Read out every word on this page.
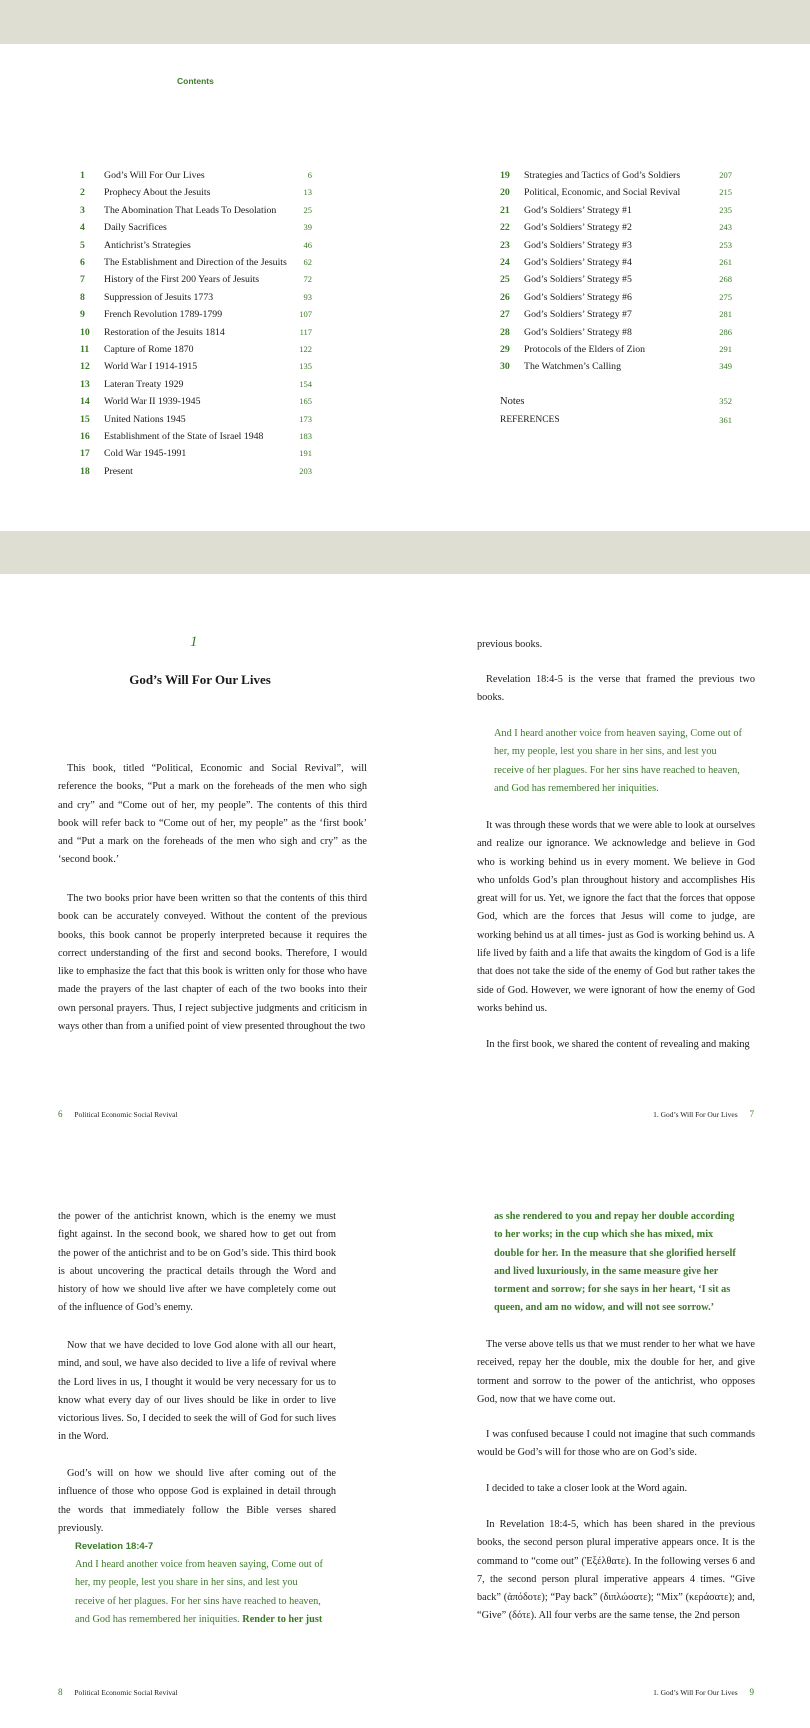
Contents
1	God’s Will For Our Lives	6
2	Prophecy About the Jesuits	13
3	The Abomination That Leads To Desolation	25
4	Daily Sacrifices	39
5	Antichrist’s Strategies	46
6	The Establishment and Direction of the Jesuits 62
7	History of the First 200 Years of Jesuits	72
8	Suppression of Jesuits 1773	93
9	French Revolution 1789-1799	107
10	Restoration of the Jesuits 1814	117
11	Capture of Rome 1870	122
12	World War I 1914-1915	135
13	Lateran Treaty 1929	154
14	World War II 1939-1945	165
15	United Nations 1945	173
16	Establishment of the State of Israel 1948	183
17	Cold War 1945-1991	191
18	Present	203
19	Strategies and Tactics of God’s Soldiers	207
20	Political, Economic, and Social Revival	215
21	God’s Soldiers’ Strategy #1	235
22	God’s Soldiers’ Strategy #2	243
23	God’s Soldiers’ Strategy #3	253
24	God’s Soldiers’ Strategy #4	261
25	God’s Soldiers’ Strategy #5	268
26	God’s Soldiers’ Strategy #6	275
27	God’s Soldiers’ Strategy #7	281
28	God’s Soldiers’ Strategy #8	286
29	Protocols of the Elders of Zion	291
30	The Watchmen’s Calling	349
Notes	352
REFERENCES	361
1
God’s Will For Our Lives
This book, titled “Political, Economic and Social Revival”, will reference the books, “Put a mark on the foreheads of the men who sigh and cry” and “Come out of her, my people”. The contents of this third book will refer back to “Come out of her, my people” as the ‘first book’ and “Put a mark on the foreheads of the men who sigh and cry” as the ‘second book.’
The two books prior have been written so that the contents of this third book can be accurately conveyed. Without the content of the previous books, this book cannot be properly interpreted because it requires the correct understanding of the first and second books. Therefore, I would like to emphasize the fact that this book is written only for those who have made the prayers of the last chapter of each of the two books into their own personal prayers. Thus, I reject subjective judgments and criticism in ways other than from a unified point of view presented throughout the two
6 Political Economic Social Revival
previous books.
Revelation 18:4-5 is the verse that framed the previous two books.
And I heard another voice from heaven saying, Come out of her, my people, lest you share in her sins, and lest you receive of her plagues. For her sins have reached to heaven, and God has remembered her iniquities.
It was through these words that we were able to look at ourselves and realize our ignorance. We acknowledge and believe in God who is working behind us in every moment. We believe in God who unfolds God’s plan throughout history and accomplishes His great will for us. Yet, we ignore the fact that the forces that oppose God, which are the forces that Jesus will come to judge, are working behind us at all times- just as God is working behind us. A life lived by faith and a life that awaits the kingdom of God is a life that does not take the side of the enemy of God but rather takes the side of God. However, we were ignorant of how the enemy of God works behind us.
In the first book, we shared the content of revealing and making
1. God’s Will For Our Lives 7
the power of the antichrist known, which is the enemy we must fight against. In the second book, we shared how to get out from the power of the antichrist and to be on God’s side. This third book is about uncovering the practical details through the Word and history of how we should live after we have completely come out of the influence of God’s enemy.
Now that we have decided to love God alone with all our heart, mind, and soul, we have also decided to live a life of revival where the Lord lives in us, I thought it would be very necessary for us to know what every day of our lives should be like in order to live victorious lives. So, I decided to seek the will of God for such lives in the Word.
God’s will on how we should live after coming out of the influence of those who oppose God is explained in detail through the words that immediately follow the Bible verses shared previously.
Revelation 18:4-7
And I heard another voice from heaven saying, Come out of her, my people, lest you share in her sins, and lest you receive of her plagues. For her sins have reached to heaven, and God has remembered her iniquities. Render to her just
8 Political Economic Social Revival
as she rendered to you and repay her double according to her works; in the cup which she has mixed, mix double for her. In the measure that she glorified herself and lived luxuriously, in the same measure give her torment and sorrow; for she says in her heart, ‘I sit as queen, and am no widow, and will not see sorrow.’
The verse above tells us that we must render to her what we have received, repay her the double, mix the double for her, and give torment and sorrow to the power of the antichrist, who opposes God, now that we have come out.
I was confused because I could not imagine that such commands would be God’s will for those who are on God’s side.
I decided to take a closer look at the Word again.
In Revelation 18:4-5, which has been shared in the previous books, the second person plural imperative appears once. It is the command to “come out” (Ἐξέλθατε). In the following verses 6 and 7, the second person plural imperative appears 4 times. “Give back” (ἀπόδοτε); “Pay back” (διπλώσατε); “Mix” (κεράσατε); and, “Give” (δότε). All four verbs are the same tense, the 2nd person
1. God’s Will For Our Lives 9
